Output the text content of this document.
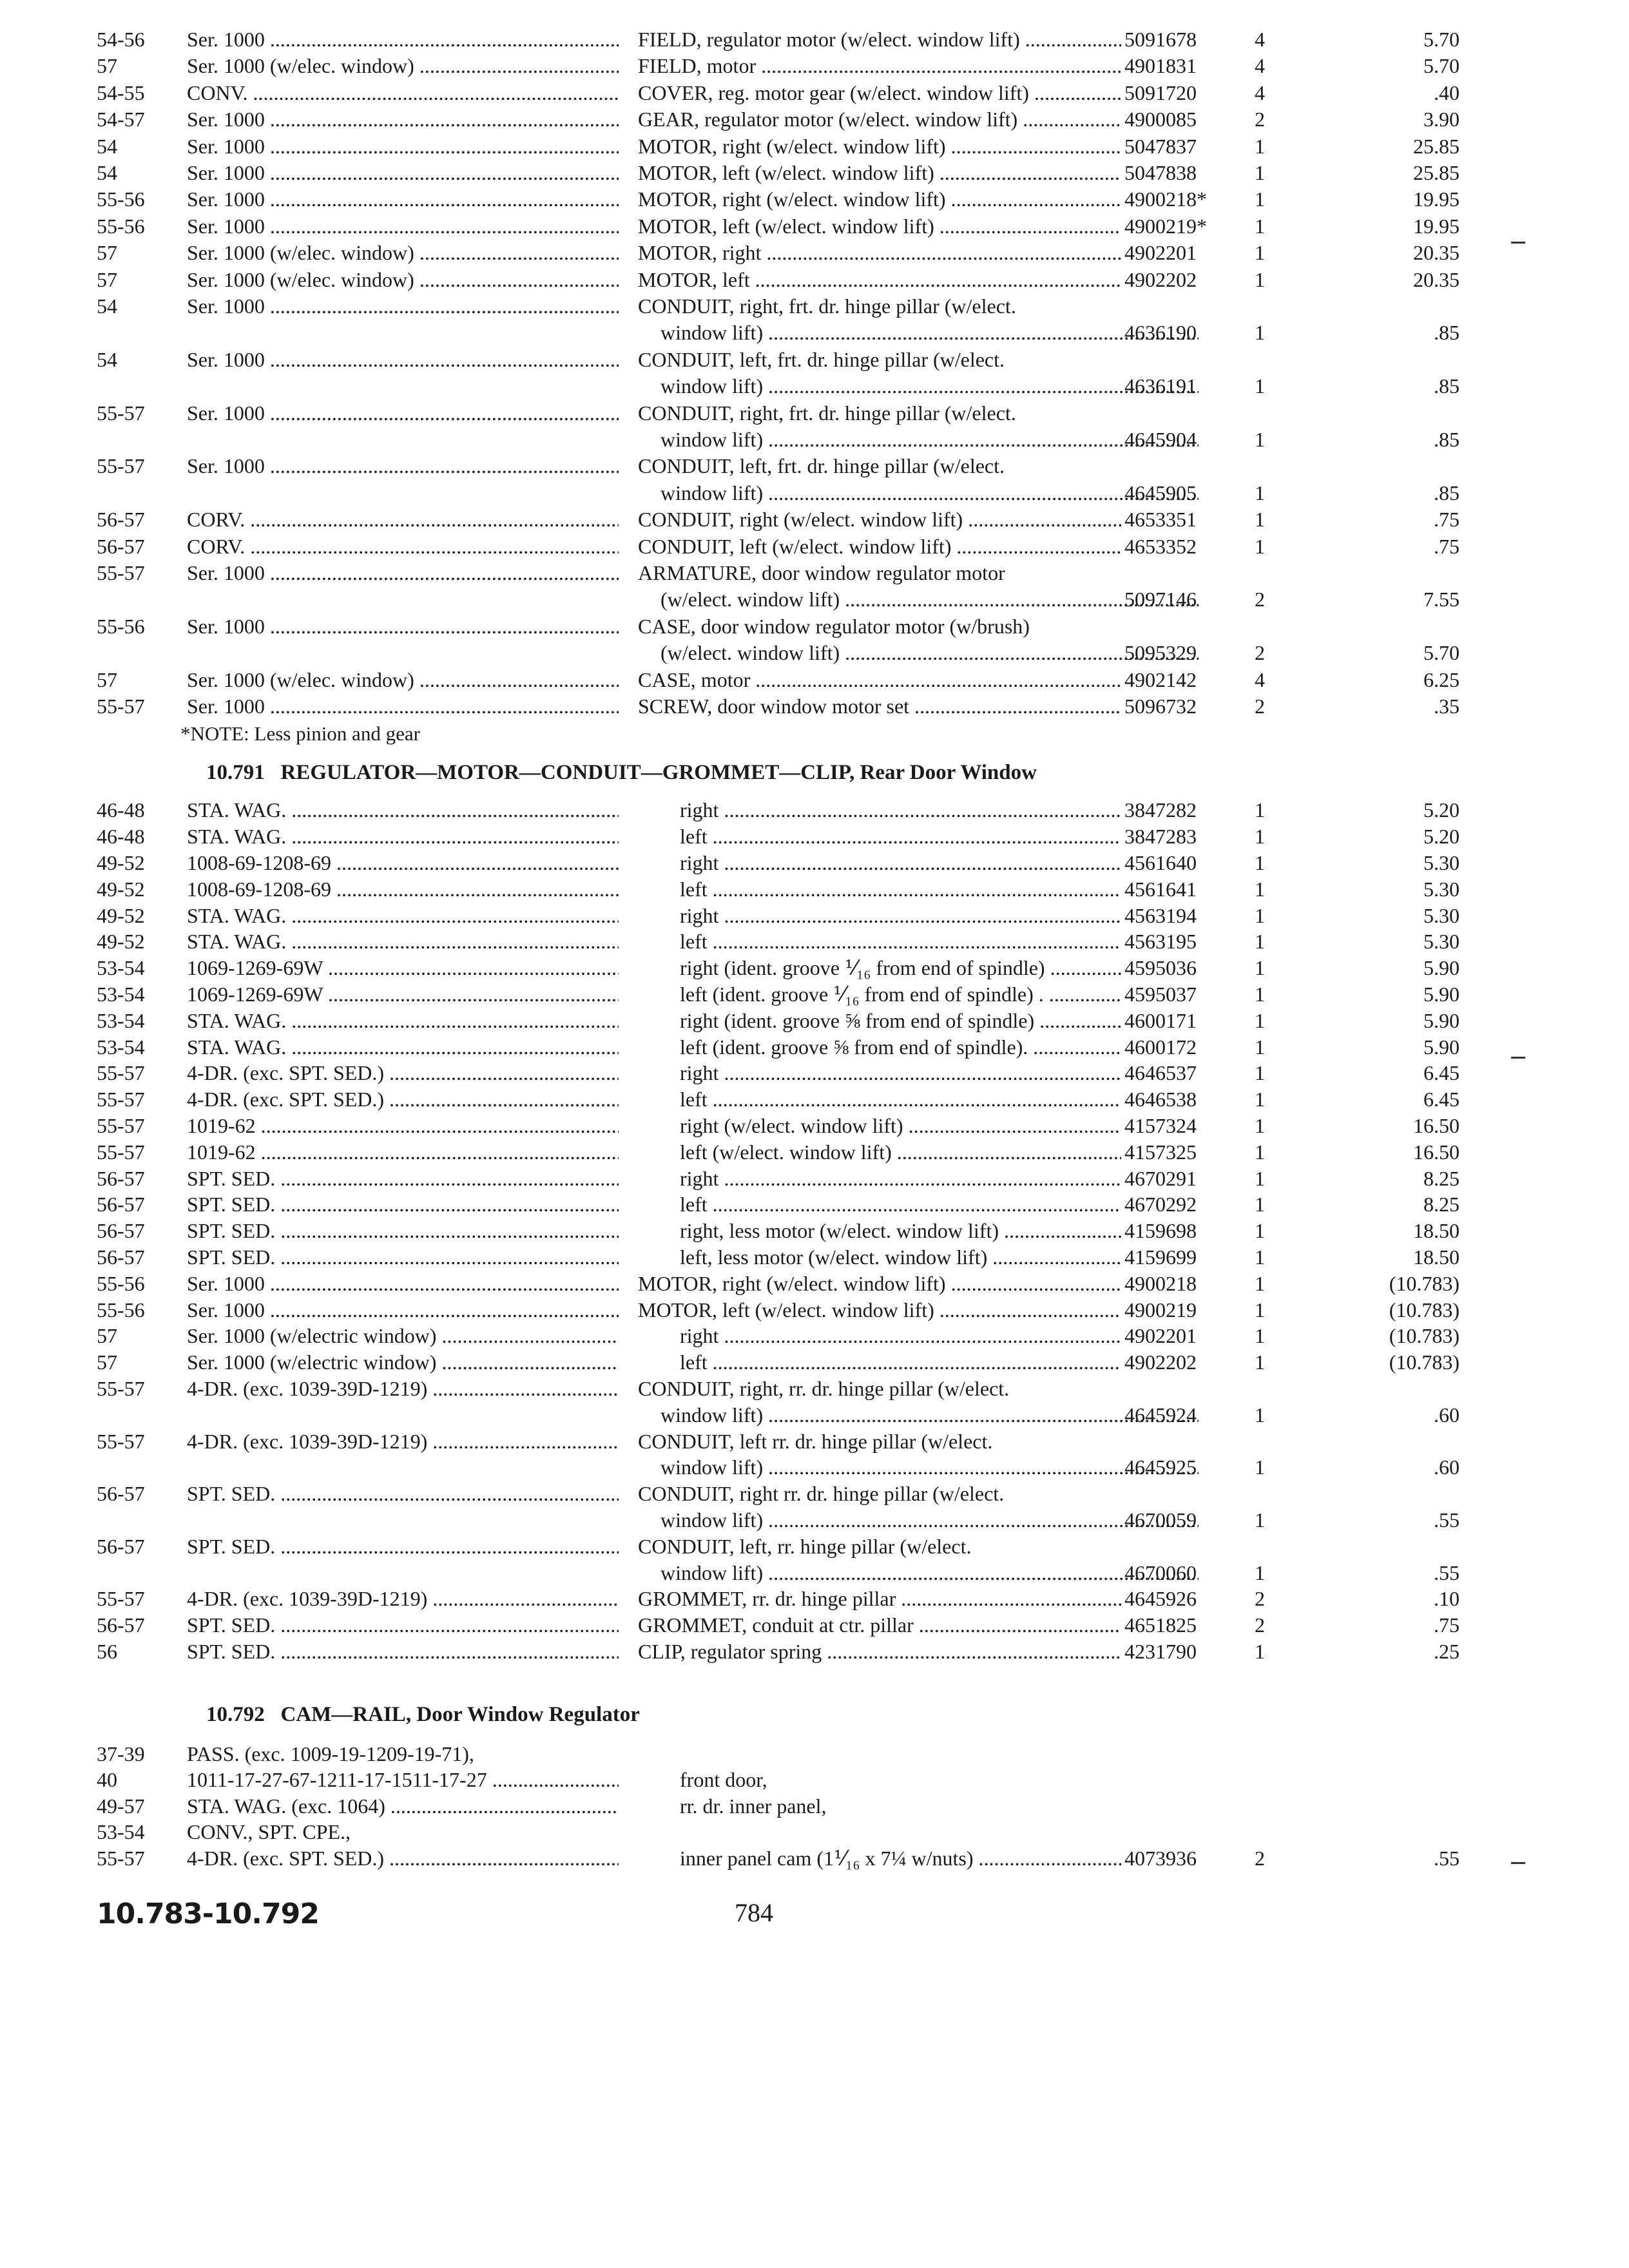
54-56	Ser. 1000 .....	FIELD, regulator motor (w/elect. window lift) .....	5091678	4	5.70
57	Ser. 1000 (w/elec. window) .....	FIELD, motor .....	4901831	4	5.70
54-55	CONV. .....	COVER, reg. motor gear (w/elect. window lift) .....	5091720	4	.40
54-57	Ser. 1000 .....	GEAR, regulator motor (w/elect. window lift) .....	4900085	2	3.90
54	Ser. 1000 .....	MOTOR, right (w/elect. window lift) .....	5047837	1	25.85
54	Ser. 1000 .....	MOTOR, left (w/elect. window lift) .....	5047838	1	25.85
55-56	Ser. 1000 .....	MOTOR, right (w/elect. window lift) .....	4900218*	1	19.95
55-56	Ser. 1000 .....	MOTOR, left (w/elect. window lift) .....	4900219*	1	19.95
57	Ser. 1000 (w/elec. window) .....	MOTOR, right .....	4902201	1	20.35
57	Ser. 1000 (w/elec. window) .....	MOTOR, left .....	4902202	1	20.35
54	Ser. 1000 .....	CONDUIT, right, frt. dr. hinge pillar (w/elect.
window lift) .....	4636190	1	.85
54	Ser. 1000 .....	CONDUIT, left, frt. dr. hinge pillar (w/elect.
window lift) .....	4636191	1	.85
55-57	Ser. 1000 .....	CONDUIT, right, frt. dr. hinge pillar (w/elect.
window lift) .....	4645904	1	.85
55-57	Ser. 1000 .....	CONDUIT, left, frt. dr. hinge pillar (w/elect.
window lift) .....	4645905	1	.85
56-57	CORV. .....	CONDUIT, right (w/elect. window lift) .....	4653351	1	.75
56-57	CORV. .....	CONDUIT, left (w/elect. window lift) .....	4653352	1	.75
55-57	Ser. 1000 .....	ARMATURE, door window regulator motor
(w/elect. window lift) .....	5097146	2	7.55
55-56	Ser. 1000 .....	CASE, door window regulator motor (w/brush)
(w/elect. window lift) .....	5095329	2	5.70
57	Ser. 1000 (w/elec. window) .....	CASE, motor .....	4902142	4	6.25
55-57	Ser. 1000 .....	SCREW, door window motor set .....	5096732	2	.35
*NOTE: Less pinion and gear
10.791 REGULATOR—MOTOR—CONDUIT—GROMMET—CLIP, Rear Door Window
46-48	STA. WAG. .....	right .....	3847282	1	5.20
46-48	STA. WAG. .....	left .....	3847283	1	5.20
49-52	1008-69-1208-69 .....	right .....	4561640	1	5.30
49-52	1008-69-1208-69 .....	left .....	4561641	1	5.30
49-52	STA. WAG. .....	right .....	4563194	1	5.30
49-52	STA. WAG. .....	left .....	4563195	1	5.30
53-54	1069-1269-69W .....	right (ident. groove ⅟₁₆ from end of spindle) .....	4595036	1	5.90
53-54	1069-1269-69W .....	left (ident. groove ⅟₁₆ from end of spindle) . .....	4595037	1	5.90
53-54	STA. WAG. .....	right (ident. groove ⅝ from end of spindle) .....	4600171	1	5.90
53-54	STA. WAG. .....	left (ident. groove ⅝ from end of spindle). .....	4600172	1	5.90
55-57	4-DR. (exc. SPT. SED.) .....	right .....	4646537	1	6.45
55-57	4-DR. (exc. SPT. SED.) .....	left .....	4646538	1	6.45
55-57	1019-62 .....	right (w/elect. window lift) .....	4157324	1	16.50
55-57	1019-62 .....	left (w/elect. window lift) .....	4157325	1	16.50
56-57	SPT. SED. .....	right .....	4670291	1	8.25
56-57	SPT. SED. .....	left .....	4670292	1	8.25
56-57	SPT. SED. .....	right, less motor (w/elect. window lift) .....	4159698	1	18.50
56-57	SPT. SED. .....	left, less motor (w/elect. window lift) .....	4159699	1	18.50
55-56	Ser. 1000 .....	MOTOR, right (w/elect. window lift) .....	4900218	1	(10.783)
55-56	Ser. 1000 .....	MOTOR, left (w/elect. window lift) .....	4900219	1	(10.783)
57	Ser. 1000 (w/electric window) .....	right .....	4902201	1	(10.783)
57	Ser. 1000 (w/electric window) .....	left .....	4902202	1	(10.783)
55-57	4-DR. (exc. 1039-39D-1219) .....	CONDUIT, right, rr. dr. hinge pillar (w/elect.
window lift) .....	4645924	1	.60
55-57	4-DR. (exc. 1039-39D-1219) .....	CONDUIT, left rr. dr. hinge pillar (w/elect.
window lift) .....	4645925	1	.60
56-57	SPT. SED. .....	CONDUIT, right rr. dr. hinge pillar (w/elect.
window lift) .....	4670059	1	.55
56-57	SPT. SED. .....	CONDUIT, left, rr. hinge pillar (w/elect.
window lift) .....	4670060	1	.55
55-57	4-DR. (exc. 1039-39D-1219) .....	GROMMET, rr. dr. hinge pillar .....	4645926	2	.10
56-57	SPT. SED. .....	GROMMET, conduit at ctr. pillar .....	4651825	2	.75
56	SPT. SED. .....	CLIP, regulator spring .....	4231790	1	.25
10.792 CAM—RAIL, Door Window Regulator
37-39	PASS. (exc. 1009-19-1209-19-71),
40	1011-17-27-67-1211-17-1511-17-27 .....	front door,
49-57	STA. WAG. (exc. 1064) .....	rr. dr. inner panel,
53-54	CONV., SPT. CPE.,
55-57	4-DR. (exc. SPT. SED.) .....	inner panel cam (1⅟₁₆ x 7¼ w/nuts) .....	4073936	2	.55
10.783-10.792	784
